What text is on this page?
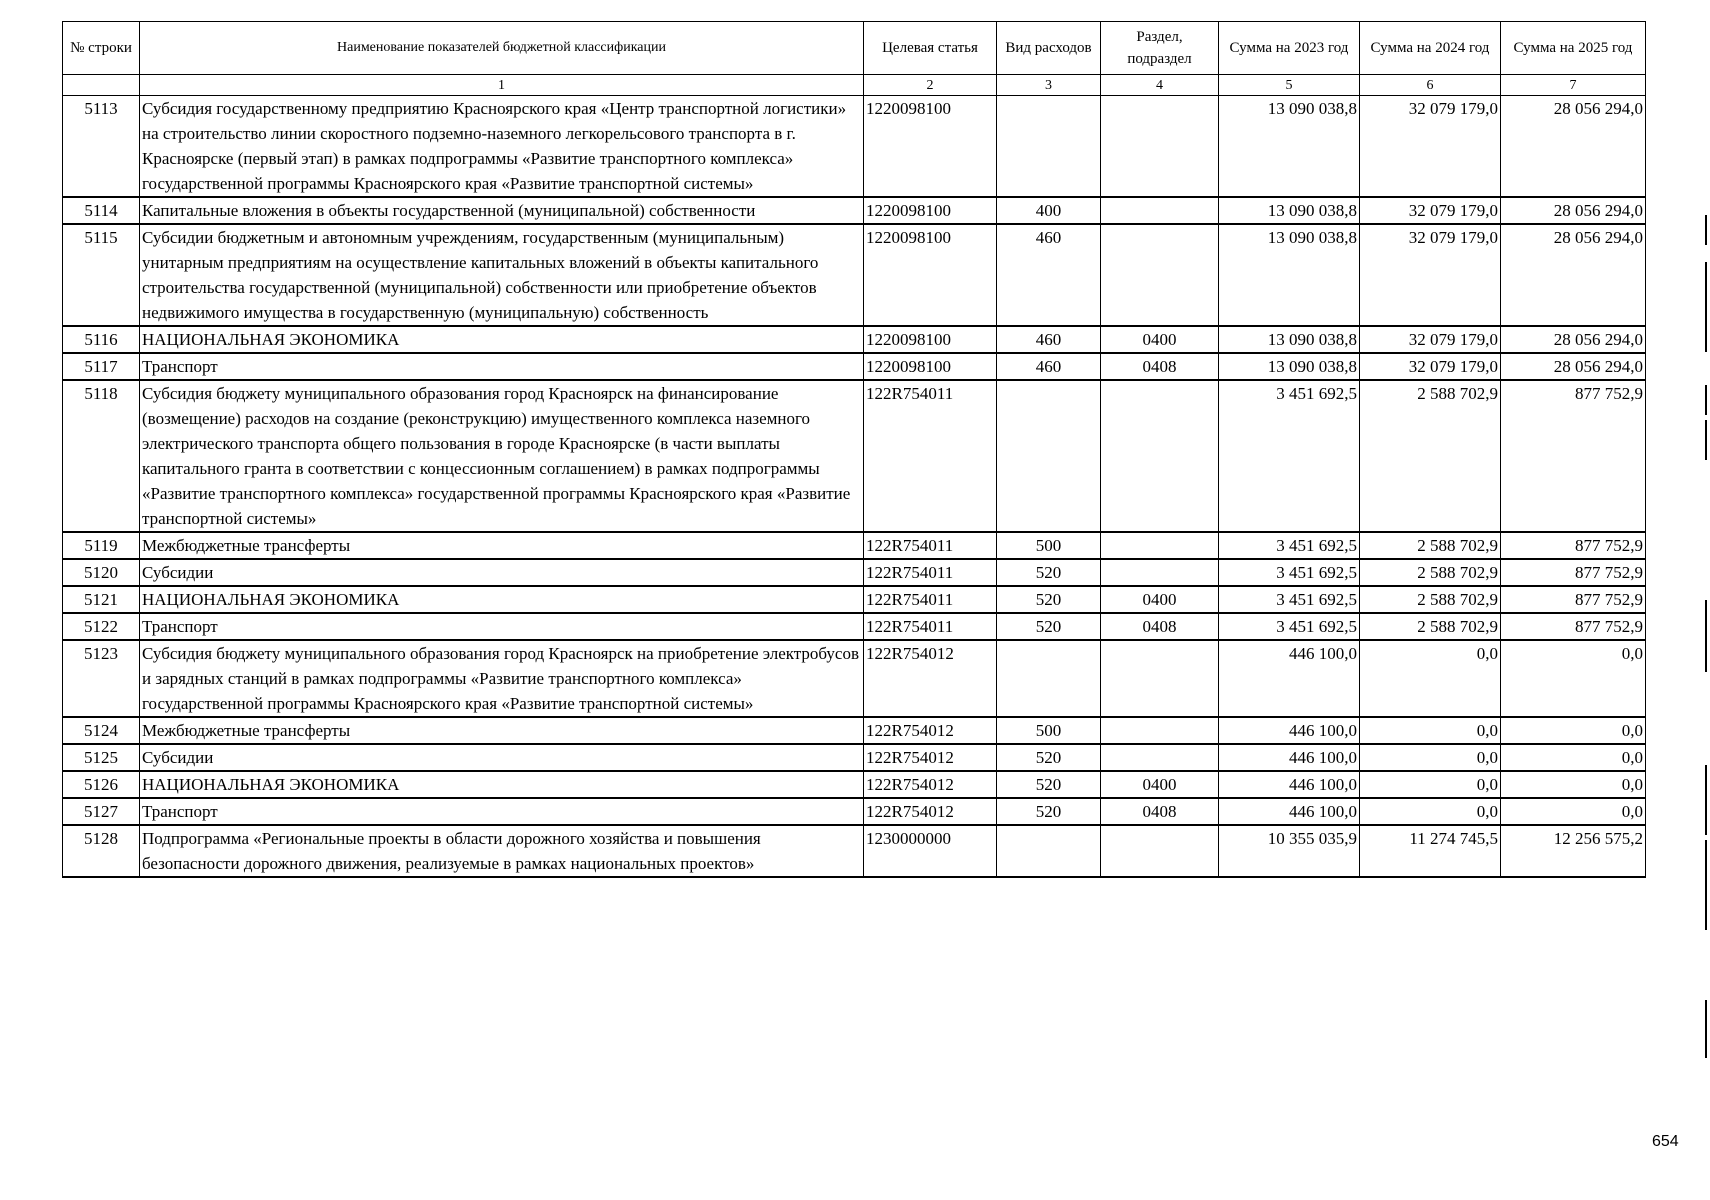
№ строки	Наименование показателей бюджетной классификации	Целевая статья	Вид расходов	Раздел, подраздел	Сумма на 2023 год	Сумма на 2024 год	Сумма на 2025 год
	1	2	3	4	5	6	7
5113	Субсидия государственному предприятию Красноярского края «Центр транспортной логистики» на строительство линии скоростного подземно-наземного легкорельсового транспорта в г. Красноярске (первый этап) в рамках подпрограммы «Развитие транспортного комплекса» государственной программы Красноярского края «Развитие транспортной системы»	1220098100			13 090 038,8	32 079 179,0	28 056 294,0
5114	Капитальные вложения в объекты государственной (муниципальной) собственности	1220098100	400		13 090 038,8	32 079 179,0	28 056 294,0
5115	Субсидии бюджетным и автономным учреждениям, государственным (муниципальным) унитарным предприятиям на осуществление капитальных вложений в объекты капитального строительства государственной (муниципальной) собственности или приобретение объектов недвижимого имущества в государственную (муниципальную) собственность	1220098100	460		13 090 038,8	32 079 179,0	28 056 294,0
5116	НАЦИОНАЛЬНАЯ ЭКОНОМИКА	1220098100	460	0400	13 090 038,8	32 079 179,0	28 056 294,0
5117	Транспорт	1220098100	460	0408	13 090 038,8	32 079 179,0	28 056 294,0
5118	Субсидия бюджету муниципального образования город Красноярск на финансирование (возмещение) расходов на создание (реконструкцию) имущественного комплекса наземного электрического транспорта общего пользования в городе Красноярске (в части выплаты капитального гранта в соответствии с концессионным соглашением) в рамках подпрограммы «Развитие транспортного комплекса» государственной программы Красноярского края «Развитие транспортной системы»	122R754011			3 451 692,5	2 588 702,9	877 752,9
5119	Межбюджетные трансферты	122R754011	500		3 451 692,5	2 588 702,9	877 752,9
5120	Субсидии	122R754011	520		3 451 692,5	2 588 702,9	877 752,9
5121	НАЦИОНАЛЬНАЯ ЭКОНОМИКА	122R754011	520	0400	3 451 692,5	2 588 702,9	877 752,9
5122	Транспорт	122R754011	520	0408	3 451 692,5	2 588 702,9	877 752,9
5123	Субсидия бюджету муниципального образования город Красноярск на приобретение электробусов и зарядных станций в рамках подпрограммы «Развитие транспортного комплекса» государственной программы Красноярского края «Развитие транспортной системы»	122R754012			446 100,0	0,0	0,0
5124	Межбюджетные трансферты	122R754012	500		446 100,0	0,0	0,0
5125	Субсидии	122R754012	520		446 100,0	0,0	0,0
5126	НАЦИОНАЛЬНАЯ ЭКОНОМИКА	122R754012	520	0400	446 100,0	0,0	0,0
5127	Транспорт	122R754012	520	0408	446 100,0	0,0	0,0
5128	Подпрограмма «Региональные проекты в области дорожного хозяйства и повышения безопасности дорожного движения, реализуемые в рамках национальных проектов»	1230000000			10 355 035,9	11 274 745,5	12 256 575,2
654
